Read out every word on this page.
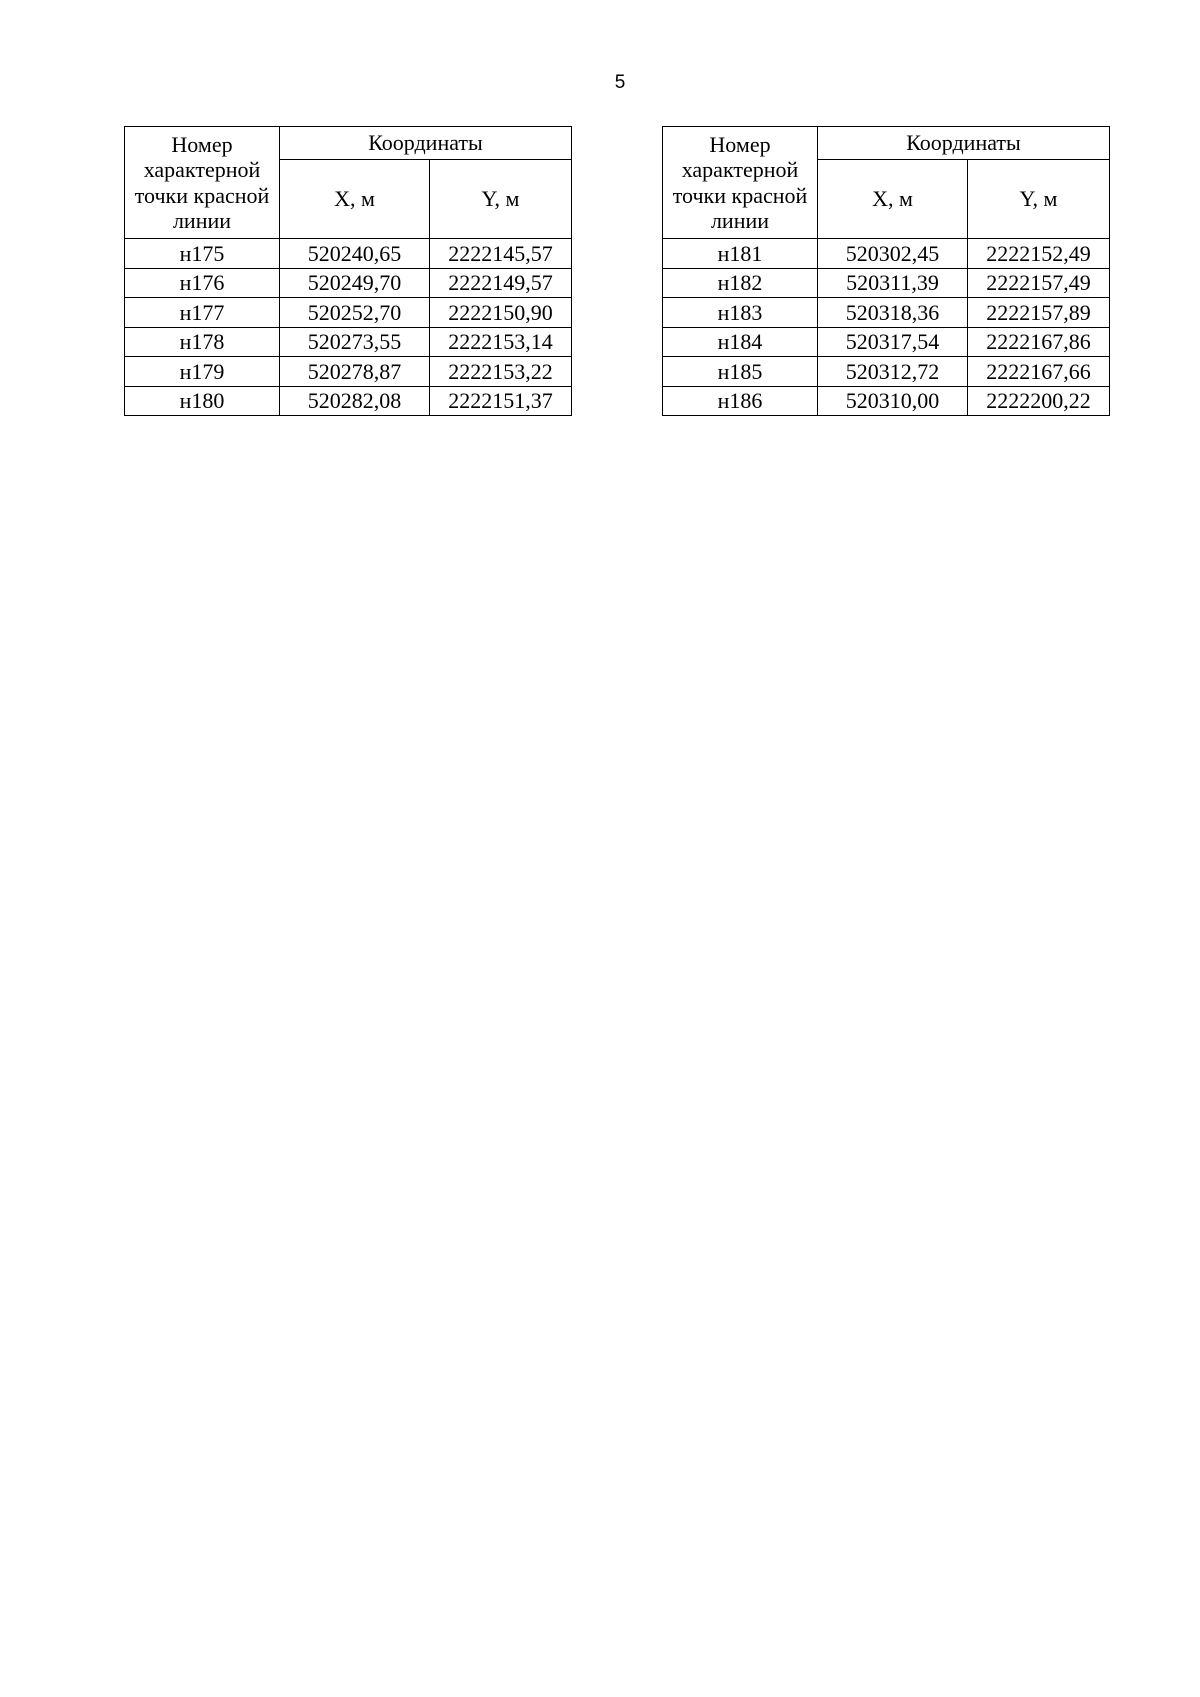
5
Номер характерной точки красной линии	Координаты	
	X, м	Y, м
н175	520240,65	2222145,57
н176	520249,70	2222149,57
н177	520252,70	2222150,90
н178	520273,55	2222153,14
н179	520278,87	2222153,22
н180	520282,08	2222151,37
Номер характерной точки красной линии	Координаты	
	X, м	Y, м
н181	520302,45	2222152,49
н182	520311,39	2222157,49
н183	520318,36	2222157,89
н184	520317,54	2222167,86
н185	520312,72	2222167,66
н186	520310,00	2222200,22
